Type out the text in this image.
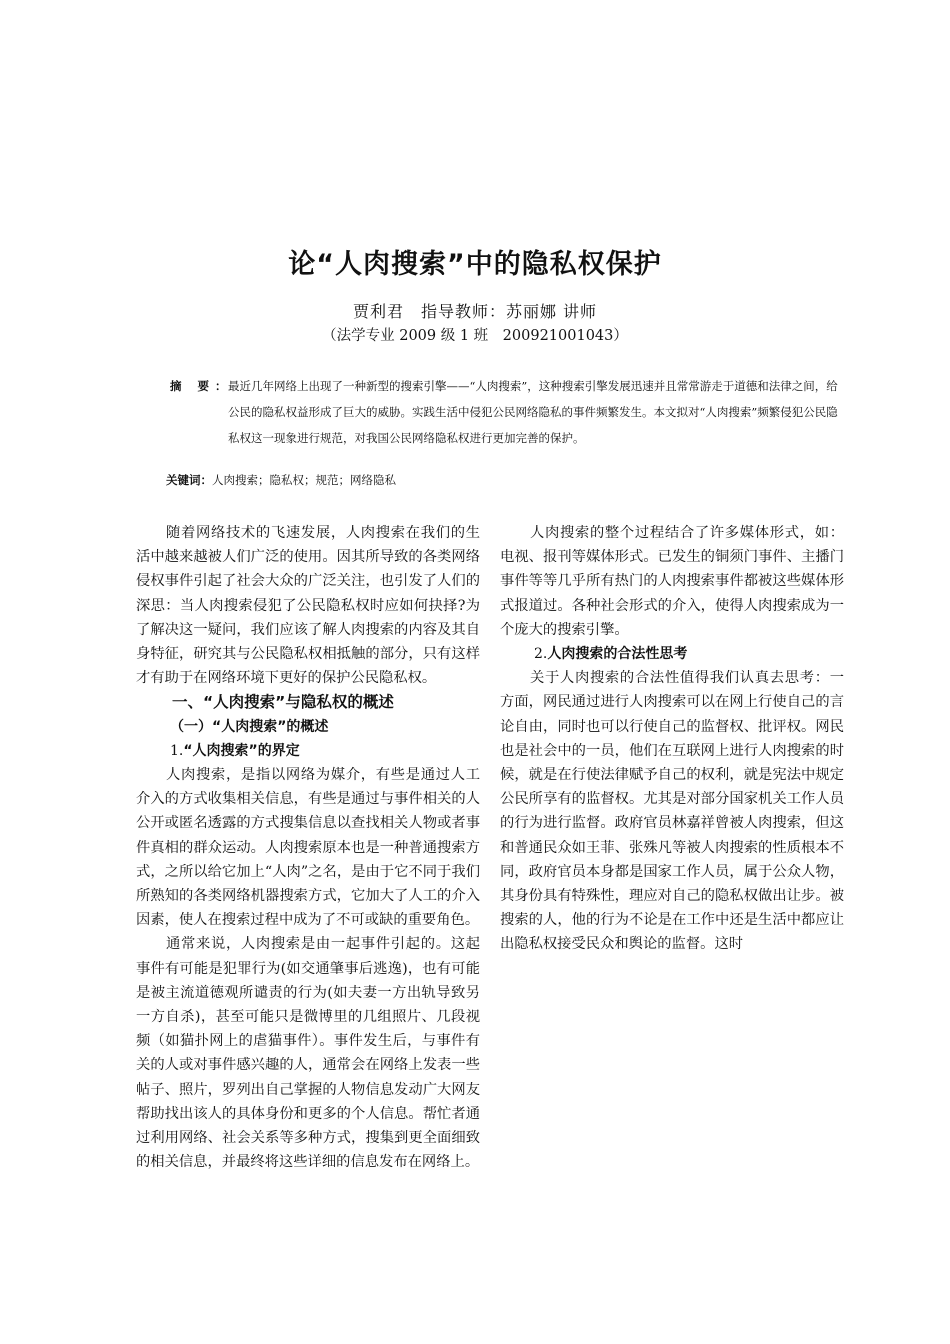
论“人肉搜索”中的隐私权保护
贾利君　指导教师：苏丽娜 讲师
（法学专业 2009 级 1 班　200921001043）
摘 要：
最近几年网络上出现了一种新型的搜索引擎——“人肉搜索”，这种搜索引擎发展迅速并且常常游走于道德和法律之间，给公民的隐私权益形成了巨大的威胁。实践生活中侵犯公民网络隐私的事件频繁发生。本文拟对“人肉搜索”频繁侵犯公民隐私权这一现象进行规范，对我国公民网络隐私权进行更加完善的保护。
关键词：人肉搜索；隐私权；规范；网络隐私

随着网络技术的飞速发展，人肉搜索在我们的生活中越来越被人们广泛的使用。因其所导致的各类网络侵权事件引起了社会大众的广泛关注，也引发了人们的深思：当人肉搜索侵犯了公民隐私权时应如何抉择?为了解决这一疑问，我们应该了解人肉搜索的内容及其自身特征，研究其与公民隐私权相抵触的部分，只有这样才有助于在网络环境下更好的保护公民隐私权。

一、“人肉搜索”与隐私权的概述
（一）“人肉搜索”的概述
1.“人肉搜索”的界定

人肉搜索，是指以网络为媒介，有些是通过人工介入的方式收集相关信息，有些是通过与事件相关的人公开或匿名透露的方式搜集信息以查找相关人物或者事件真相的群众运动。人肉搜索原本也是一种普通搜索方式，之所以给它加上“人肉”之名，是由于它不同于我们所熟知的各类网络机器搜索方式，它加大了人工的介入因素，使人在搜索过程中成为了不可或缺的重要角色。

通常来说，人肉搜索是由一起事件引起的。这起事件有可能是犯罪行为(如交通肇事后逃逸)，也有可能是被主流道德观所谴责的行为(如夫妻一方出轨导致另一方自杀)，甚至可能只是微博里的几组照片、几段视频（如猫扑网上的虐猫事件）。事件发生后，与事件有关的人或对事件感兴趣的人，通常会在网络上发表一些帖子、照片，罗列出自己掌握的人物信息发动广大网友帮助找出该人的具体身份和更多的个人信息。帮忙者通过利用网络、社会关系等多种方式，搜集到更全面细致的相关信息，并最终将这些详细的信息发布在网络上。

人肉搜索的整个过程结合了许多媒体形式，如：电视、报刊等媒体形式。已发生的铜须门事件、主播门事件等等几乎所有热门的人肉搜索事件都被这些媒体形式报道过。各种社会形式的介入，使得人肉搜索成为一个庞大的搜索引擎。

2.人肉搜索的合法性思考

关于人肉搜索的合法性值得我们认真去思考：一方面，网民通过进行人肉搜索可以在网上行使自己的言论自由，同时也可以行使自己的监督权、批评权。网民也是社会中的一员，他们在互联网上进行人肉搜索的时候，就是在行使法律赋予自己的权利，就是宪法中规定公民所享有的监督权。尤其是对部分国家机关工作人员的行为进行监督。政府官员林嘉祥曾被人肉搜索，但这和普通民众如王菲、张殊凡等被人肉搜索的性质根本不同，政府官员本身都是国家工作人员，属于公众人物，其身份具有特殊性，理应对自己的隐私权做出让步。被搜索的人，他的行为不论是在工作中还是生活中都应让出隐私权接受民众和舆论的监督。这时
